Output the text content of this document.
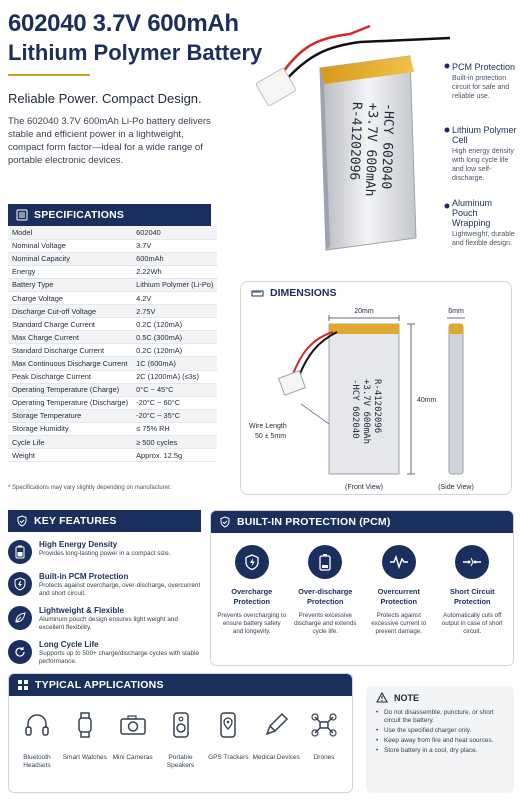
602040 3.7V 600mAh
Lithium Polymer Battery
Reliable Power. Compact Design.
The 602040 3.7V 600mAh Li-Po battery delivers stable and efficient power in a lightweight, compact form factor—ideal for a wide range of portable electronic devices.	-HCY 602040
+3.7V 600mAh
R-41202096
PCM Protection
Built-in protection circuit for safe and reliable use.
Lithium Polymer Cell
High energy density with long cycle life and low self-discharge.
Aluminum Pouch Wrapping
Lightweight, durable and flexible design.
SPECIFICATIONS
Model	602040
Nominal Voltage	3.7V
Nominal Capacity	600mAh
Energy	2.22Wh
Battery Type	Lithium Polymer (Li-Po)
Charge Voltage	4.2V
Discharge Cut-off Voltage	2.75V
Standard Charge Current	0.2C (120mA)
Max Charge Current	0.5C (300mA)
Standard Discharge Current	0.2C (120mA)
Max Continuous Discharge Current	1C (600mA)
Peak Discharge Current	2C (1200mA) (≤3s)
Operating Temperature (Charge)	0°C ~ 45°C
Operating Temperature (Discharge)	-20°C ~ 60°C
Storage Temperature	-20°C ~ 35°C
Storage Humidity	≤ 75% RH
Cycle Life	≥ 500 cycles
Weight	Approx. 12.5g
* Specifications may vary slightly depending on manufacturer.
DIMENSIONS
20mm
-HCY 602040 +3.7V 600mAh R-41202096
Wire Length
50 ± 5mm
40mm
6mm
(Front View)	(Side View)
KEY FEATURES
High Energy Density
Provides long-lasting power in a compact size.
Built-in PCM Protection
Protects against overcharge, over-discharge, overcurrent and short circuit.
Lightweight & Flexible
Aluminum pouch design ensures light weight and excellent flexibility.
Long Cycle Life
Supports up to 500+ charge/discharge cycles with stable performance.
BUILT-IN PROTECTION (PCM)
Overcharge Protection
Prevents overcharging to ensure battery safety and longevity.
Over-discharge Protection
Prevents excessive discharge and extends cycle life.
Overcurrent Protection
Protects against excessive current to prevent damage.
Short Circuit Protection
Automatically cuts off output in case of short circuit.
TYPICAL APPLICATIONS
Bluetooth Headsets
Smart Watches Mini Cameras	Portable Speakers
GPS Trackers Medical Devices	Drones
NOTE
• Do not disassemble, puncture, or short circuit the battery.
• Use the specified charger only.
• Keep away from fire and heat sources.
• Store battery in a cool, dry place.
